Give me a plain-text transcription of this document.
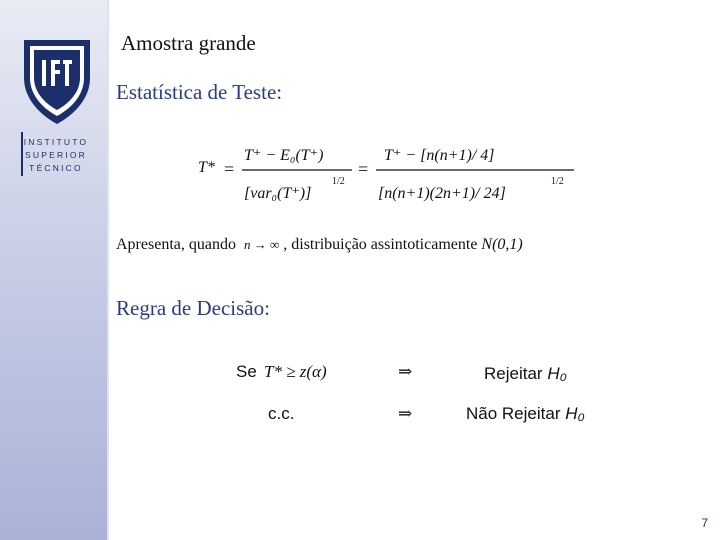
INSTITUTO
SUPERIOR
TÉCNICO
Amostra grande
Estatística de Teste:
T* =
T⁺ − E₀(T⁺)
[var₀(T⁺)]
1/2
=
T⁺ − [n(n+1)/ 4]
[n(n+1)(2n+1)/ 24]
1/2
Apresenta, quando n → ∞ , distribuição assintoticamente N(0,1)
Regra de Decisão:
Se T* ≥ z(α)	⇒	Rejeitar H₀
c.c.	⇒	Não Rejeitar H₀
7
